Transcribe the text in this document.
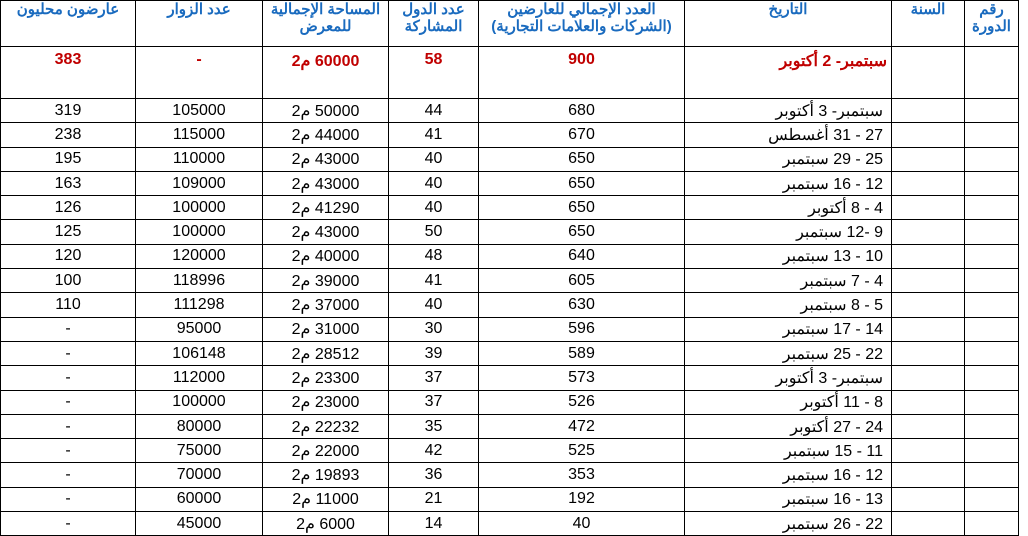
رقم الدورة	السنة	التاريخ	العدد الإجمالي للعارضين (الشركات والعلامات التجارية)	عدد الدول المشاركة	المساحة الإجمالية للمعرض	عدد الزوار	عارضون محليون
		سبتمبر- 2 أكتوبر	900	58	60000 م2	-	383
		سبتمبر- 3 أكتوبر	680	44	50000 م2	105000	319
		27 - 31 أغسطس	670	41	44000 م2	115000	238
		25 - 29 سبتمبر	650	40	43000 م2	110000	195
		12 - 16 سبتمبر	650	40	43000 م2	109000	163
		4 - 8 أكتوبر	650	40	41290 م2	100000	126
		9 -12 سبتمبر	650	50	43000 م2	100000	125
		10 - 13 سبتمبر	640	48	40000 م2	120000	120
		4 - 7 سبتمبر	605	41	39000 م2	118996	100
		5 - 8 سبتمبر	630	40	37000 م2	111298	110
		14 - 17 سبتمبر	596	30	31000 م2	95000	-
		22 - 25 سبتمبر	589	39	28512 م2	106148	-
		سبتمبر- 3 أكتوبر	573	37	23300 م2	112000	-
		8 - 11 أكتوبر	526	37	23000 م2	100000	-
		24 - 27 أكتوبر	472	35	22232 م2	80000	-
		11 - 15 سبتمبر	525	42	22000 م2	75000	-
		12 - 16 سبتمبر	353	36	19893 م2	70000	-
		13 - 16 سبتمبر	192	21	11000 م2	60000	-
		22 - 26 سبتمبر	40	14	6000 م2	45000	-
